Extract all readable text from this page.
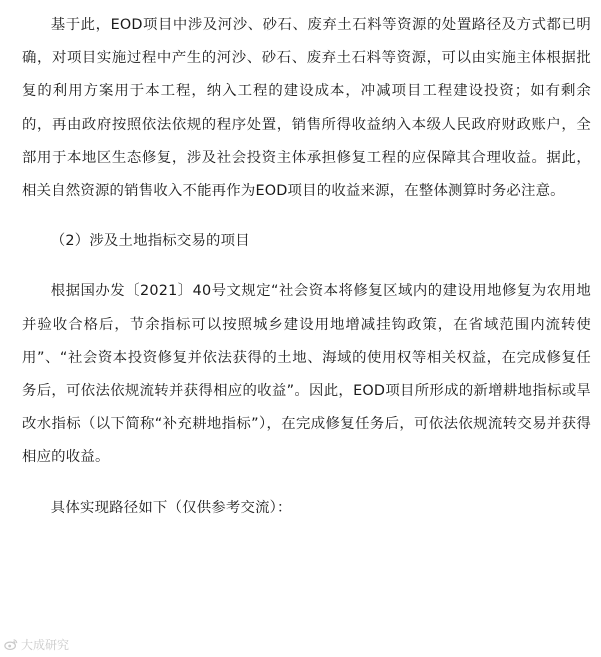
基于此，EOD项目中涉及河沙、砂石、废弃土石料等资源的处置路径及方式都已明确，对项目实施过程中产生的河沙、砂石、废弃土石料等资源，可以由实施主体根据批复的利用方案用于本工程，纳入工程的建设成本，冲减项目工程建设投资；如有剩余的，再由政府按照依法依规的程序处置，销售所得收益纳入本级人民政府财政账户，全部用于本地区生态修复，涉及社会投资主体承担修复工程的应保障其合理收益。据此，相关自然资源的销售收入不能再作为EOD项目的收益来源，在整体测算时务必注意。

（2）涉及土地指标交易的项目

根据国办发〔2021〕40号文规定“社会资本将修复区域内的建设用地修复为农用地并验收合格后，节余指标可以按照城乡建设用地增减挂钩政策，在省域范围内流转使用”、“社会资本投资修复并依法获得的土地、海域的使用权等相关权益，在完成修复任务后，可依法依规流转并获得相应的收益”。因此，EOD项目所形成的新增耕地指标或旱改水指标（以下简称“补充耕地指标”），在完成修复任务后，可依法依规流转交易并获得相应的收益。

具体实现路径如下（仅供参考交流）：

大成研究
